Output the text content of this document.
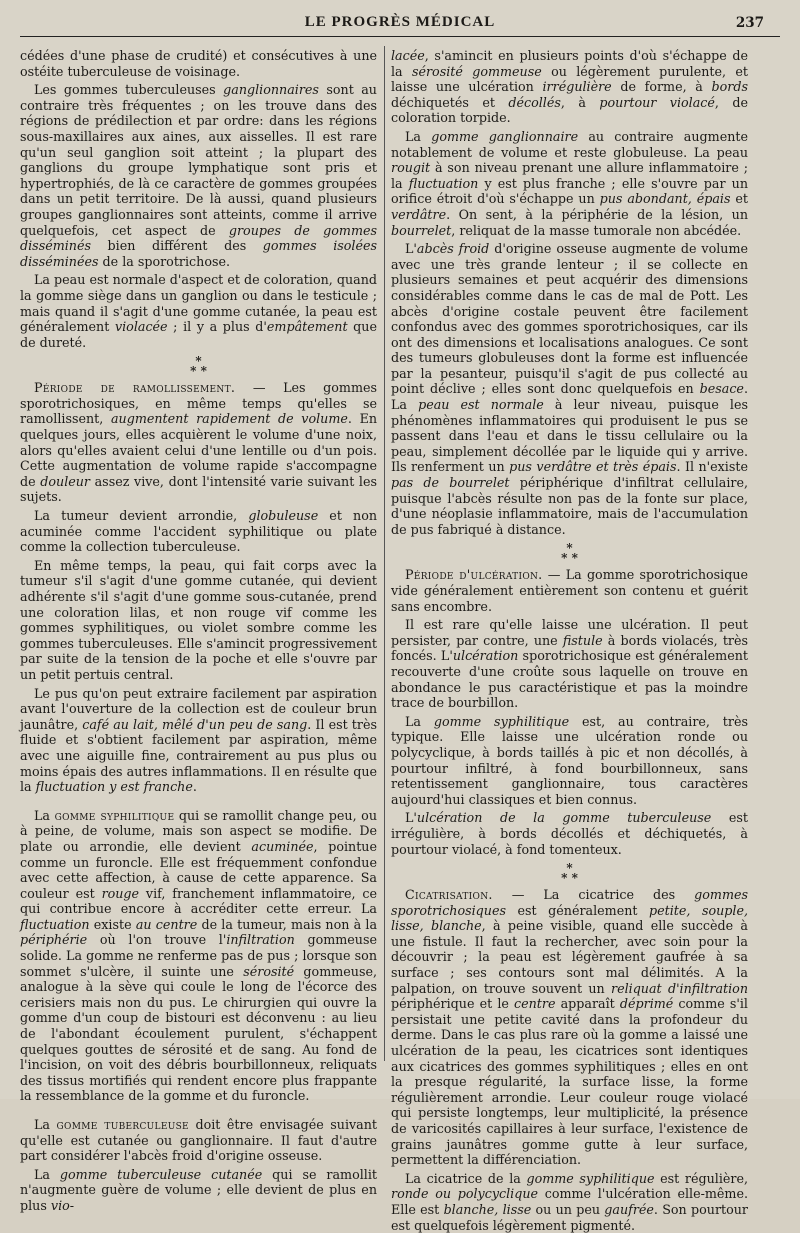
LE PROGRÈS MÉDICAL	237

cédées d'une phase de crudité) et consécutives à une ostéite tuberculeuse de voisinage.

Les gommes tuberculeuses ganglionnaires sont au contraire très fréquentes ; on les trouve dans des régions de prédilection et par ordre: dans les régions sous-maxillaires aux aines, aux aisselles. Il est rare qu'un seul ganglion soit atteint ; la plupart des ganglions du groupe lymphatique sont pris et hypertrophiés, de là ce caractère de gommes groupées dans un petit territoire. De là aussi, quand plusieurs groupes ganglionnaires sont atteints, comme il arrive quelquefois, cet aspect de groupes de gommes disséminés bien différent des gommes isolées disséminées de la sporotrichose.

La peau est normale d'aspect et de coloration, quand la gomme siège dans un ganglion ou dans le testicule ; mais quand il s'agit d'une gomme cutanée, la peau est généralement violacée ; il y a plus d'empâtement que de dureté.

*
* *

Période de ramollissement. — Les gommes sporotrichosiques, en même temps qu'elles se ramollissent, augmentent rapidement de volume. En quelques jours, elles acquièrent le volume d'une noix, alors qu'elles avaient celui d'une lentille ou d'un pois. Cette augmentation de volume rapide s'accompagne de douleur assez vive, dont l'intensité varie suivant les sujets.

La tumeur devient arrondie, globuleuse et non acuminée comme l'accident syphilitique ou plate comme la collection tuberculeuse.

En même temps, la peau, qui fait corps avec la tumeur s'il s'agit d'une gomme cutanée, qui devient adhérente s'il s'agit d'une gomme sous-cutanée, prend une coloration lilas, et non rouge vif comme les gommes syphilitiques, ou violet sombre comme les gommes tuberculeuses. Elle s'amincit progressivement par suite de la tension de la poche et elle s'ouvre par un petit pertuis central.

Le pus qu'on peut extraire facilement par aspiration avant l'ouverture de la collection est de couleur brun jaunâtre, café au lait, mêlé d'un peu de sang. Il est très fluide et s'obtient facilement par aspiration, même avec une aiguille fine, contrairement au pus plus ou moins épais des autres inflammations. Il en résulte que la fluctuation y est franche.

La gomme syphilitique qui se ramollit change peu, ou à peine, de volume, mais son aspect se modifie. De plate ou arrondie, elle devient acuminée, pointue comme un furoncle. Elle est fréquemment confondue avec cette affection, à cause de cette apparence. Sa couleur est rouge vif, franchement inflammatoire, ce qui contribue encore à accréditer cette erreur. La fluctuation existe au centre de la tumeur, mais non à la périphérie où l'on trouve l'infiltration gommeuse solide. La gomme ne renferme pas de pus ; lorsque son sommet s'ulcère, il suinte une sérosité gommeuse, analogue à la sève qui coule le long de l'écorce des cerisiers mais non du pus. Le chirurgien qui ouvre la gomme d'un coup de bistouri est déconvenu : au lieu de l'abondant écoulement purulent, s'échappent quelques gouttes de sérosité et de sang. Au fond de l'incision, on voit des débris bourbillonneux, reliquats des tissus mortifiés qui rendent encore plus frappante la ressemblance de la gomme et du furoncle.

La gomme tuberculeuse doit être envisagée suivant qu'elle est cutanée ou ganglionnaire. Il faut d'autre part considérer l'abcès froid d'origine osseuse.

La gomme tuberculeuse cutanée qui se ramollit n'augmente guère de volume ; elle devient de plus en plus vio-

lacée, s'amincit en plusieurs points d'où s'échappe de la sérosité gommeuse ou légèrement purulente, et laisse une ulcération irrégulière de forme, à bords déchiquetés et décollés, à pourtour violacé, de coloration torpide.

La gomme ganglionnaire au contraire augmente notablement de volume et reste globuleuse. La peau rougit à son niveau prenant une allure inflammatoire ; la fluctuation y est plus franche ; elle s'ouvre par un orifice étroit d'où s'échappe un pus abondant, épais et verdâtre. On sent, à la périphérie de la lésion, un bourrelet, reliquat de la masse tumorale non abcédée.

L'abcès froid d'origine osseuse augmente de volume avec une très grande lenteur ; il se collecte en plusieurs semaines et peut acquérir des dimensions considérables comme dans le cas de mal de Pott. Les abcès d'origine costale peuvent être facilement confondus avec des gommes sporotrichosiques, car ils ont des dimensions et localisations analogues. Ce sont des tumeurs globuleuses dont la forme est influencée par la pesanteur, puisqu'il s'agit de pus collecté au point déclive ; elles sont donc quelquefois en besace. La peau est normale à leur niveau, puisque les phénomènes inflammatoires qui produisent le pus se passent dans l'eau et dans le tissu cellulaire ou la peau, simplement décollée par le liquide qui y arrive. Ils renferment un pus verdâtre et très épais. Il n'existe pas de bourrelet périphérique d'infiltrat cellulaire, puisque l'abcès résulte non pas de la fonte sur place, d'une néoplasie inflammatoire, mais de l'accumulation de pus fabriqué à distance.

*
* *

Période d'ulcération. — La gomme sporotrichosique vide généralement entièrement son contenu et guérit sans encombre.

Il est rare qu'elle laisse une ulcération. Il peut persister, par contre, une fistule à bords violacés, très foncés. L'ulcération sporotrichosique est généralement recouverte d'une croûte sous laquelle on trouve en abondance le pus caractéristique et pas la moindre trace de bourbillon.

La gomme syphilitique est, au contraire, très typique. Elle laisse une ulcération ronde ou polycyclique, à bords taillés à pic et non décollés, à pourtour infiltré, à fond bourbillonneux, sans retentissement ganglionnaire, tous caractères aujourd'hui classiques et bien connus.

L'ulcération de la gomme tuberculeuse est irrégulière, à bords décollés et déchiquetés, à pourtour violacé, à fond tomenteux.

*
* *

Cicatrisation. — La cicatrice des gommes sporotrichosiques est généralement petite, souple, lisse, blanche, à peine visible, quand elle succède à une fistule. Il faut la rechercher, avec soin pour la découvrir ; la peau est légèrement gaufrée à sa surface ; ses contours sont mal délimités. A la palpation, on trouve souvent un reliquat d'infiltration périphérique et le centre apparaît déprimé comme s'il persistait une petite cavité dans la profondeur du derme. Dans le cas plus rare où la gomme a laissé une ulcération de la peau, les cicatrices sont identiques aux cicatrices des gommes syphilitiques ; elles en ont la presque régularité, la surface lisse, la forme régulièrement arrondie. Leur couleur rouge violacé qui persiste longtemps, leur multiplicité, la présence de varicosités capillaires à leur surface, l'existence de grains jaunâtres gomme gutte à leur surface, permettent la différenciation.

La cicatrice de la gomme syphilitique est régulière, ronde ou polycyclique comme l'ulcération elle-même. Elle est blanche, lisse ou un peu gaufrée. Son pourtour est quelquefois légèrement pigmenté.
